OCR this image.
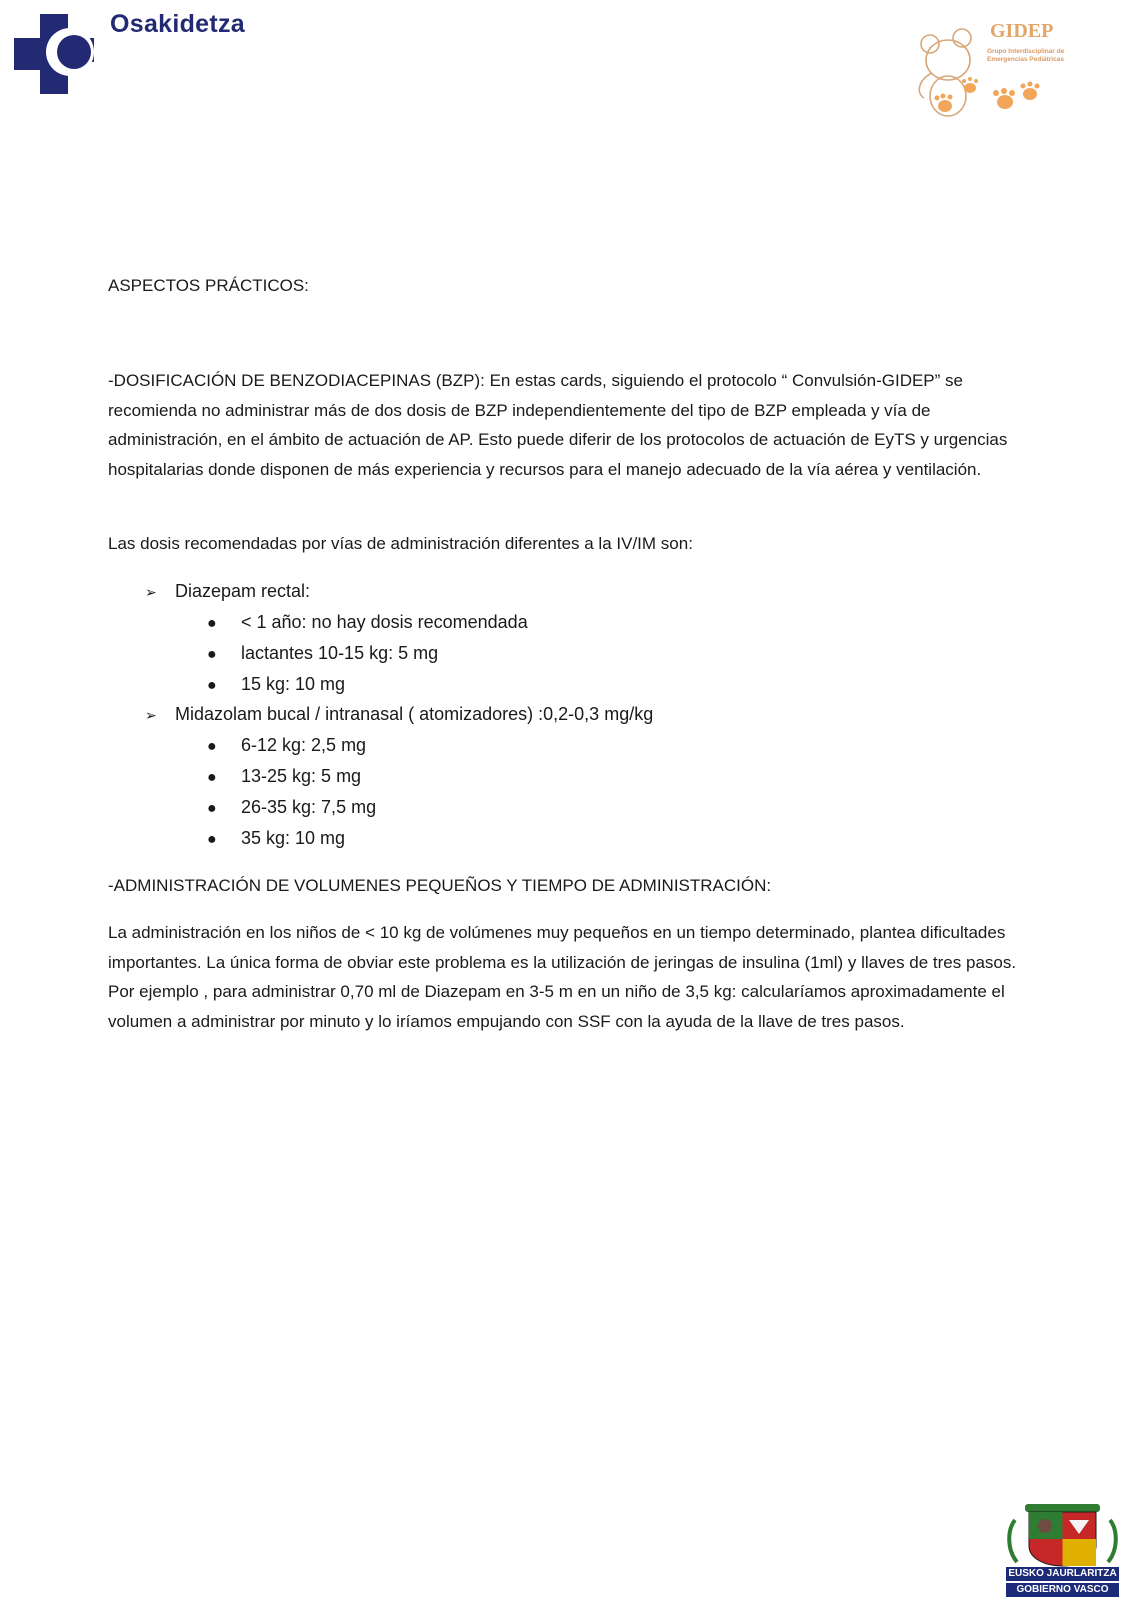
Osakidetza	GIDEP
Grupo Interdisciplinar de
Emergencias Pediátricas
ASPECTOS PRÁCTICOS:
-DOSIFICACIÓN DE BENZODIACEPINAS (BZP): En estas cards, siguiendo el protocolo “ Convulsión-GIDEP” se recomienda no administrar más de dos dosis de BZP independientemente del tipo de BZP empleada y vía de administración, en el ámbito de actuación de AP. Esto puede diferir de los protocolos de actuación de EyTS y urgencias hospitalarias donde disponen de más experiencia y recursos para el manejo adecuado de la vía aérea y ventilación.
Las dosis recomendadas por vías de administración diferentes a la IV/IM son:
➢ Diazepam rectal:
● < 1 año: no hay dosis recomendada
● lactantes 10-15 kg: 5 mg
● 15 kg: 10 mg
➢ Midazolam bucal / intranasal ( atomizadores) :0,2-0,3 mg/kg
● 6-12 kg: 2,5 mg
● 13-25 kg: 5 mg
● 26-35 kg: 7,5 mg
● 35 kg: 10 mg
-ADMINISTRACIÓN DE VOLUMENES PEQUEÑOS Y TIEMPO DE ADMINISTRACIÓN:
La administración en los niños de < 10 kg de volúmenes muy pequeños en un tiempo determinado, plantea dificultades importantes. La única forma de obviar este problema es la utilización de jeringas de insulina (1ml) y llaves de tres pasos. Por ejemplo , para administrar 0,70 ml de Diazepam en 3-5 m en un niño de 3,5 kg: calcularíamos aproximadamente el volumen a administrar por minuto y lo iríamos empujando con SSF con la ayuda de la llave de tres pasos.
EUSKO JAURLARITZA
GOBIERNO VASCO
